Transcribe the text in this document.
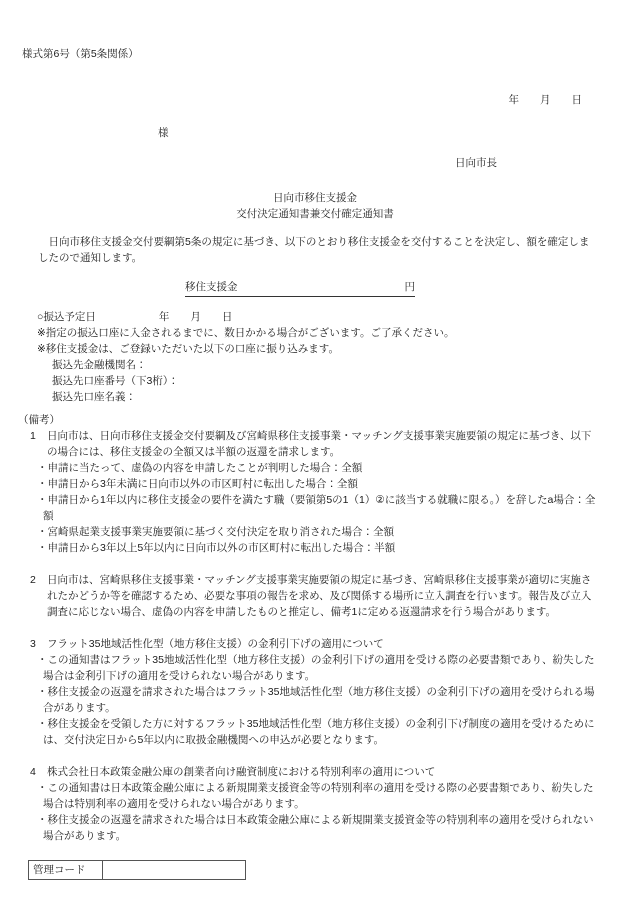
様式第6号（第5条関係）
年　　月　　日
様
日向市長
日向市移住支援金
交付決定通知書兼交付確定通知書

　日向市移住支援金交付要綱第5条の規定に基づき、以下のとおり移住支援金を交付することを決定し、額を確定しましたので通知します。

移住支援金	円
○振込予定日　　　　　　年　　月　　日
※指定の振込口座に入金されるまでに、数日かかる場合がございます。ご了承ください。
※移住支援金は、ご登録いただいた以下の口座に振り込みます。
振込先金融機関名：
振込先口座番号（下3桁）：
振込先口座名義：
（備考）
1	日向市は、日向市移住支援金交付要綱及び宮崎県移住支援事業・マッチング支援事業実施要領の規定に基づき、以下の場合には、移住支援金の全額又は半額の返還を請求します。
・申請に当たって、虚偽の内容を申請したことが判明した場合：全額
・申請日から3年未満に日向市以外の市区町村に転出した場合：全額
・申請日から1年以内に移住支援金の要件を満たす職（要領第5の1（1）②に該当する就職に限る。）を辞したa場合：全額
・宮崎県起業支援事業実施要領に基づく交付決定を取り消された場合：全額
・申請日から3年以上5年以内に日向市以外の市区町村に転出した場合：半額
2	日向市は、宮崎県移住支援事業・マッチング支援事業実施要領の規定に基づき、宮崎県移住支援事業が適切に実施されたかどうか等を確認するため、必要な事項の報告を求め、及び関係する場所に立入調査を行います。報告及び立入調査に応じない場合、虚偽の内容を申請したものと推定し、備考1に定める返還請求を行う場合があります。
3	フラット35地域活性化型（地方移住支援）の金利引下げの適用について
・この通知書はフラット35地域活性化型（地方移住支援）の金利引下げの適用を受ける際の必要書類であり、紛失した場合は金利引下げの適用を受けられない場合があります。
・移住支援金の返還を請求された場合はフラット35地域活性化型（地方移住支援）の金利引下げの適用を受けられる場合があります。
・移住支援金を受領した方に対するフラット35地域活性化型（地方移住支援）の金利引下げ制度の適用を受けるためには、交付決定日から5年以内に取扱金融機関への申込が必要となります。
4	株式会社日本政策金融公庫の創業者向け融資制度における特別利率の適用について
・この通知書は日本政策金融公庫による新規開業支援資金等の特別利率の適用を受ける際の必要書類であり、紛失した場合は特別利率の適用を受けられない場合があります。
・移住支援金の返還を請求された場合は日本政策金融公庫による新規開業支援資金等の特別利率の適用を受けられない場合があります。
管理コード	
